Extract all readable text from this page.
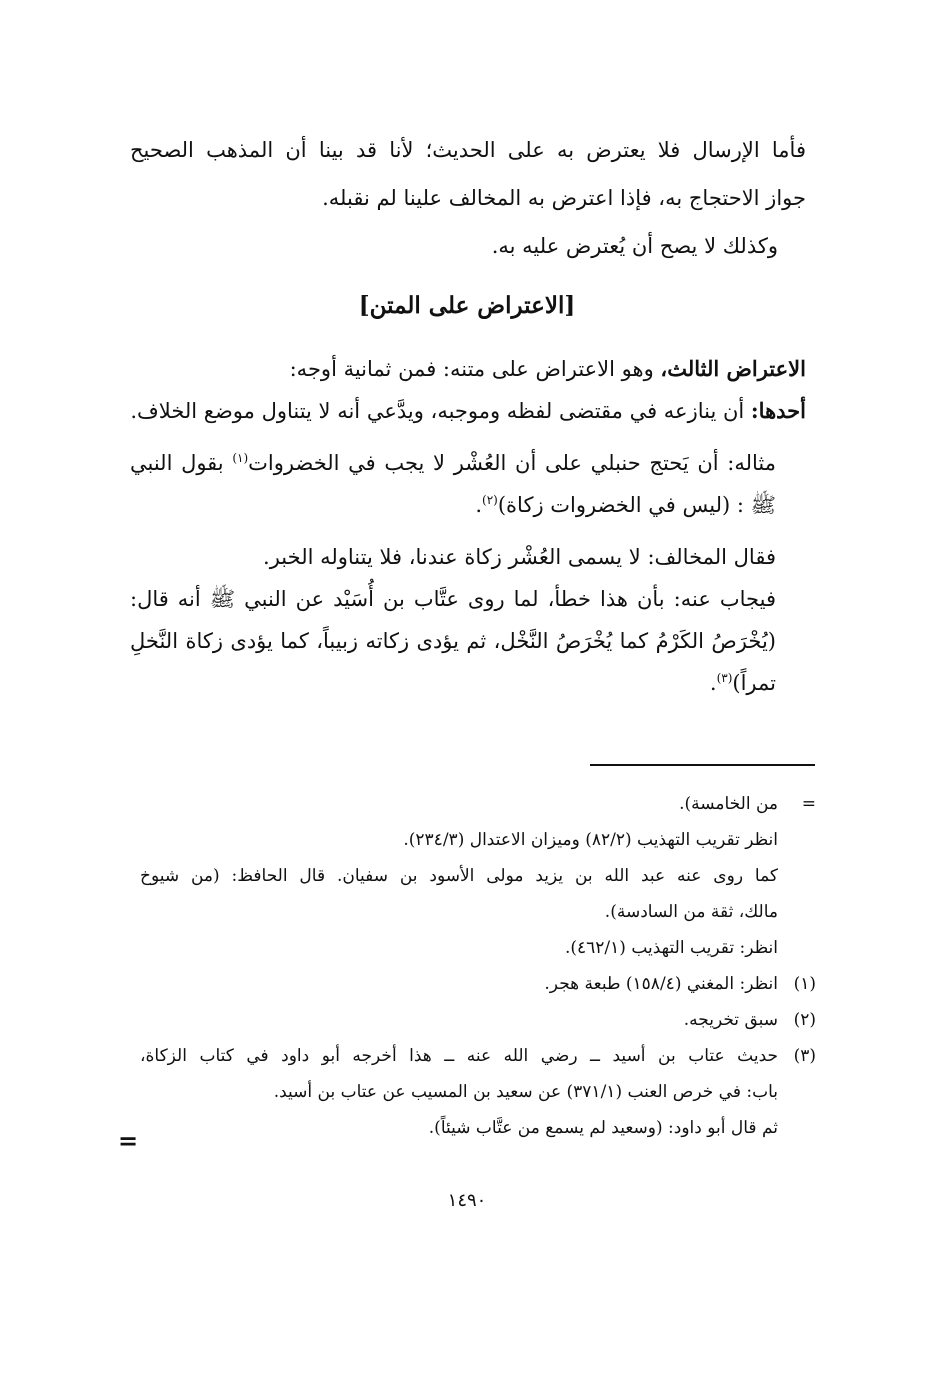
فأما الإرسال فلا يعترض به على الحديث؛ لأنا قد بينا أن المذهب الصحيح

جواز الاحتجاج به، فإذا اعترض به المخالف علينا لم نقبله.

وكذلك لا يصح أن يُعترض عليه به.

[الاعتراض على المتن]

الاعتراض الثالث، وهو الاعتراض على متنه: فمن ثمانية أوجه:

أحدها: أن ينازعه في مقتضى لفظه وموجبه، ويدَّعي أنه لا يتناول موضع الخلاف.

مثاله: أن يَحتج حنبلي على أن العُشْر لا يجب في الخضروات$^{(١)}$ بقول النبي ﷺ : (ليس في الخضروات زكاة)$^{(٢)}$.

فقال المخالف: لا يسمى العُشْر زكاة عندنا، فلا يتناوله الخبر.

فيجاب عنه: بأن هذا خطأ، لما روى عتَّاب بن أُسَيْد عن النبي ﷺ أنه قال: (يُخْرَصُ الكَرْمُ كما يُخْرَصُ النَّخْل، ثم يؤدى زكاته زبيباً، كما يؤدى زكاة النَّخلِ تمراً)$^{(٣)}$.

=

من الخامسة).

انظر تقريب التهذيب (٨٢/٢) وميزان الاعتدال (٢٣٤/٣).

كما روى عنه عبد الله بن يزيد مولى الأسود بن سفيان. قال الحافظ: (من شيوخ

مالك، ثقة من السادسة).

انظر: تقريب التهذيب (٤٦٢/١).

(١)

انظر: المغني (١٥٨/٤) طبعة هجر.

(٢)

سبق تخريجه.

(٣)

حديث عتاب بن أسيد ــ رضي الله عنه ــ هذا أخرجه أبو داود في كتاب الزكاة،

باب: في خرص العنب (٣٧١/١) عن سعيد بن المسيب عن عتاب بن أسيد.

ثم قال أبو داود: (وسعيد لم يسمع من عتَّاب شيئاً).

=
١٤٩٠
